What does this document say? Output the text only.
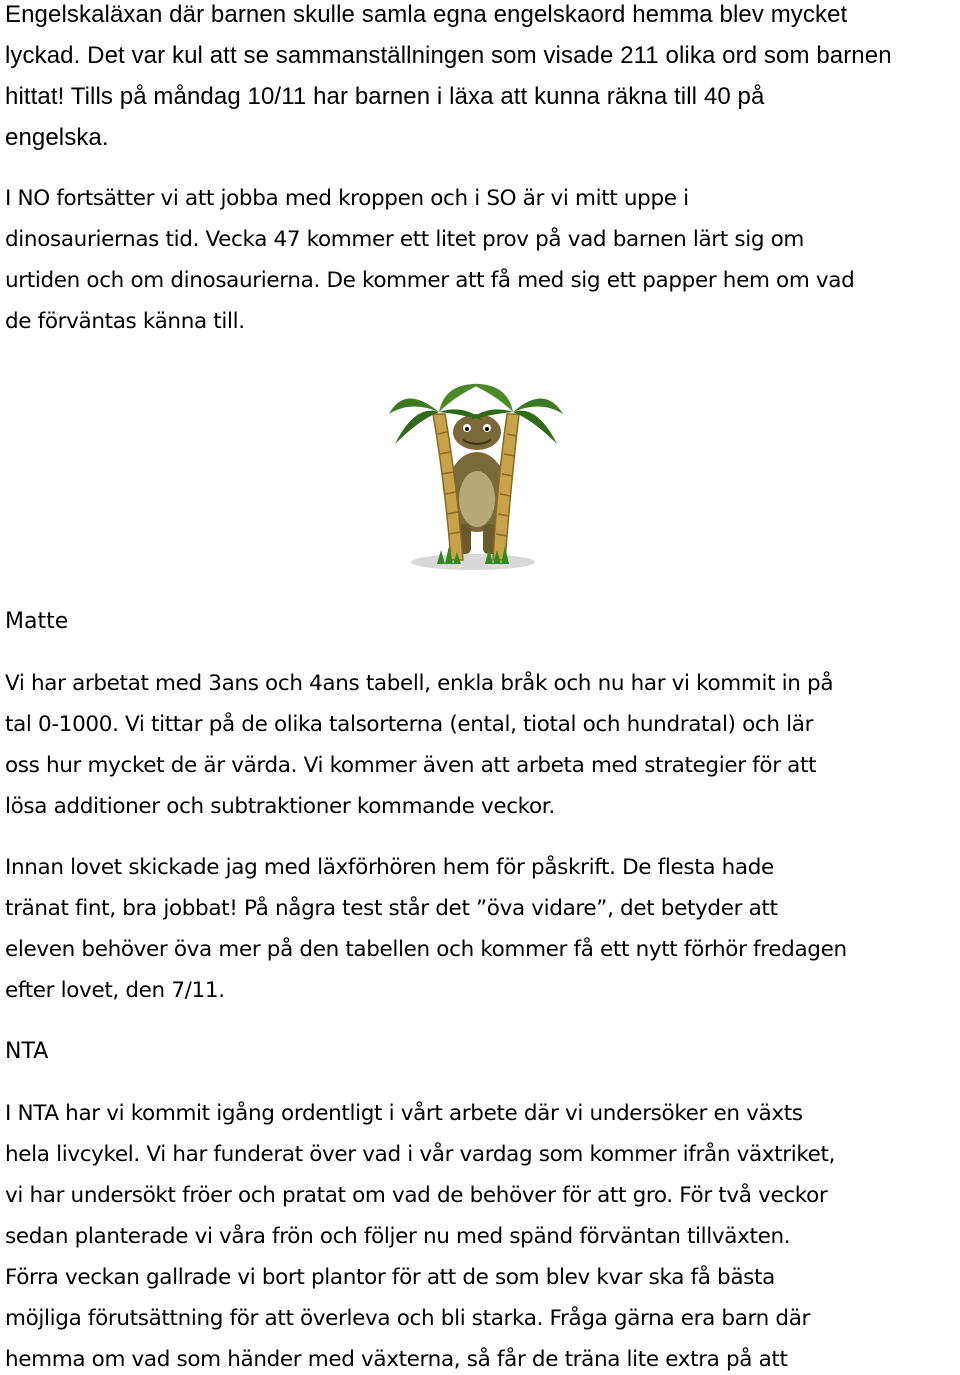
Engelskaläxan där barnen skulle samla egna engelskaord hemma blev mycket

lyckad. Det var kul att se sammanställningen som visade 211 olika ord som barnen

hittat! Tills på måndag 10/11 har barnen i läxa att kunna räkna till 40 på

engelska.

I NO fortsätter vi att jobba med kroppen och i SO är vi mitt uppe i

dinosauriernas tid. Vecka 47 kommer ett litet prov på vad barnen lärt sig om

urtiden och om dinosaurierna. De kommer att få med sig ett papper hem om vad

de förväntas känna till.

Matte

Vi har arbetat med 3ans och 4ans tabell, enkla bråk och nu har vi kommit in på

tal 0-1000. Vi tittar på de olika talsorterna (ental, tiotal och hundratal) och lär

oss hur mycket de är värda. Vi kommer även att arbeta med strategier för att

lösa additioner och subtraktioner kommande veckor.

Innan lovet skickade jag med läxförhören hem för påskrift. De flesta hade

tränat fint, bra jobbat! På några test står det ”öva vidare”, det betyder att

eleven behöver öva mer på den tabellen och kommer få ett nytt förhör fredagen

efter lovet, den 7/11.

NTA

I NTA har vi kommit igång ordentligt i vårt arbete där vi undersöker en växts

hela livcykel. Vi har funderat över vad i vår vardag som kommer ifrån växtriket,

vi har undersökt fröer och pratat om vad de behöver för att gro. För två veckor

sedan planterade vi våra frön och följer nu med spänd förväntan tillväxten.

Förra veckan gallrade vi bort plantor för att de som blev kvar ska få bästa

möjliga förutsättning för att överleva och bli starka. Fråga gärna era barn där

hemma om vad som händer med växterna, så får de träna lite extra på att
